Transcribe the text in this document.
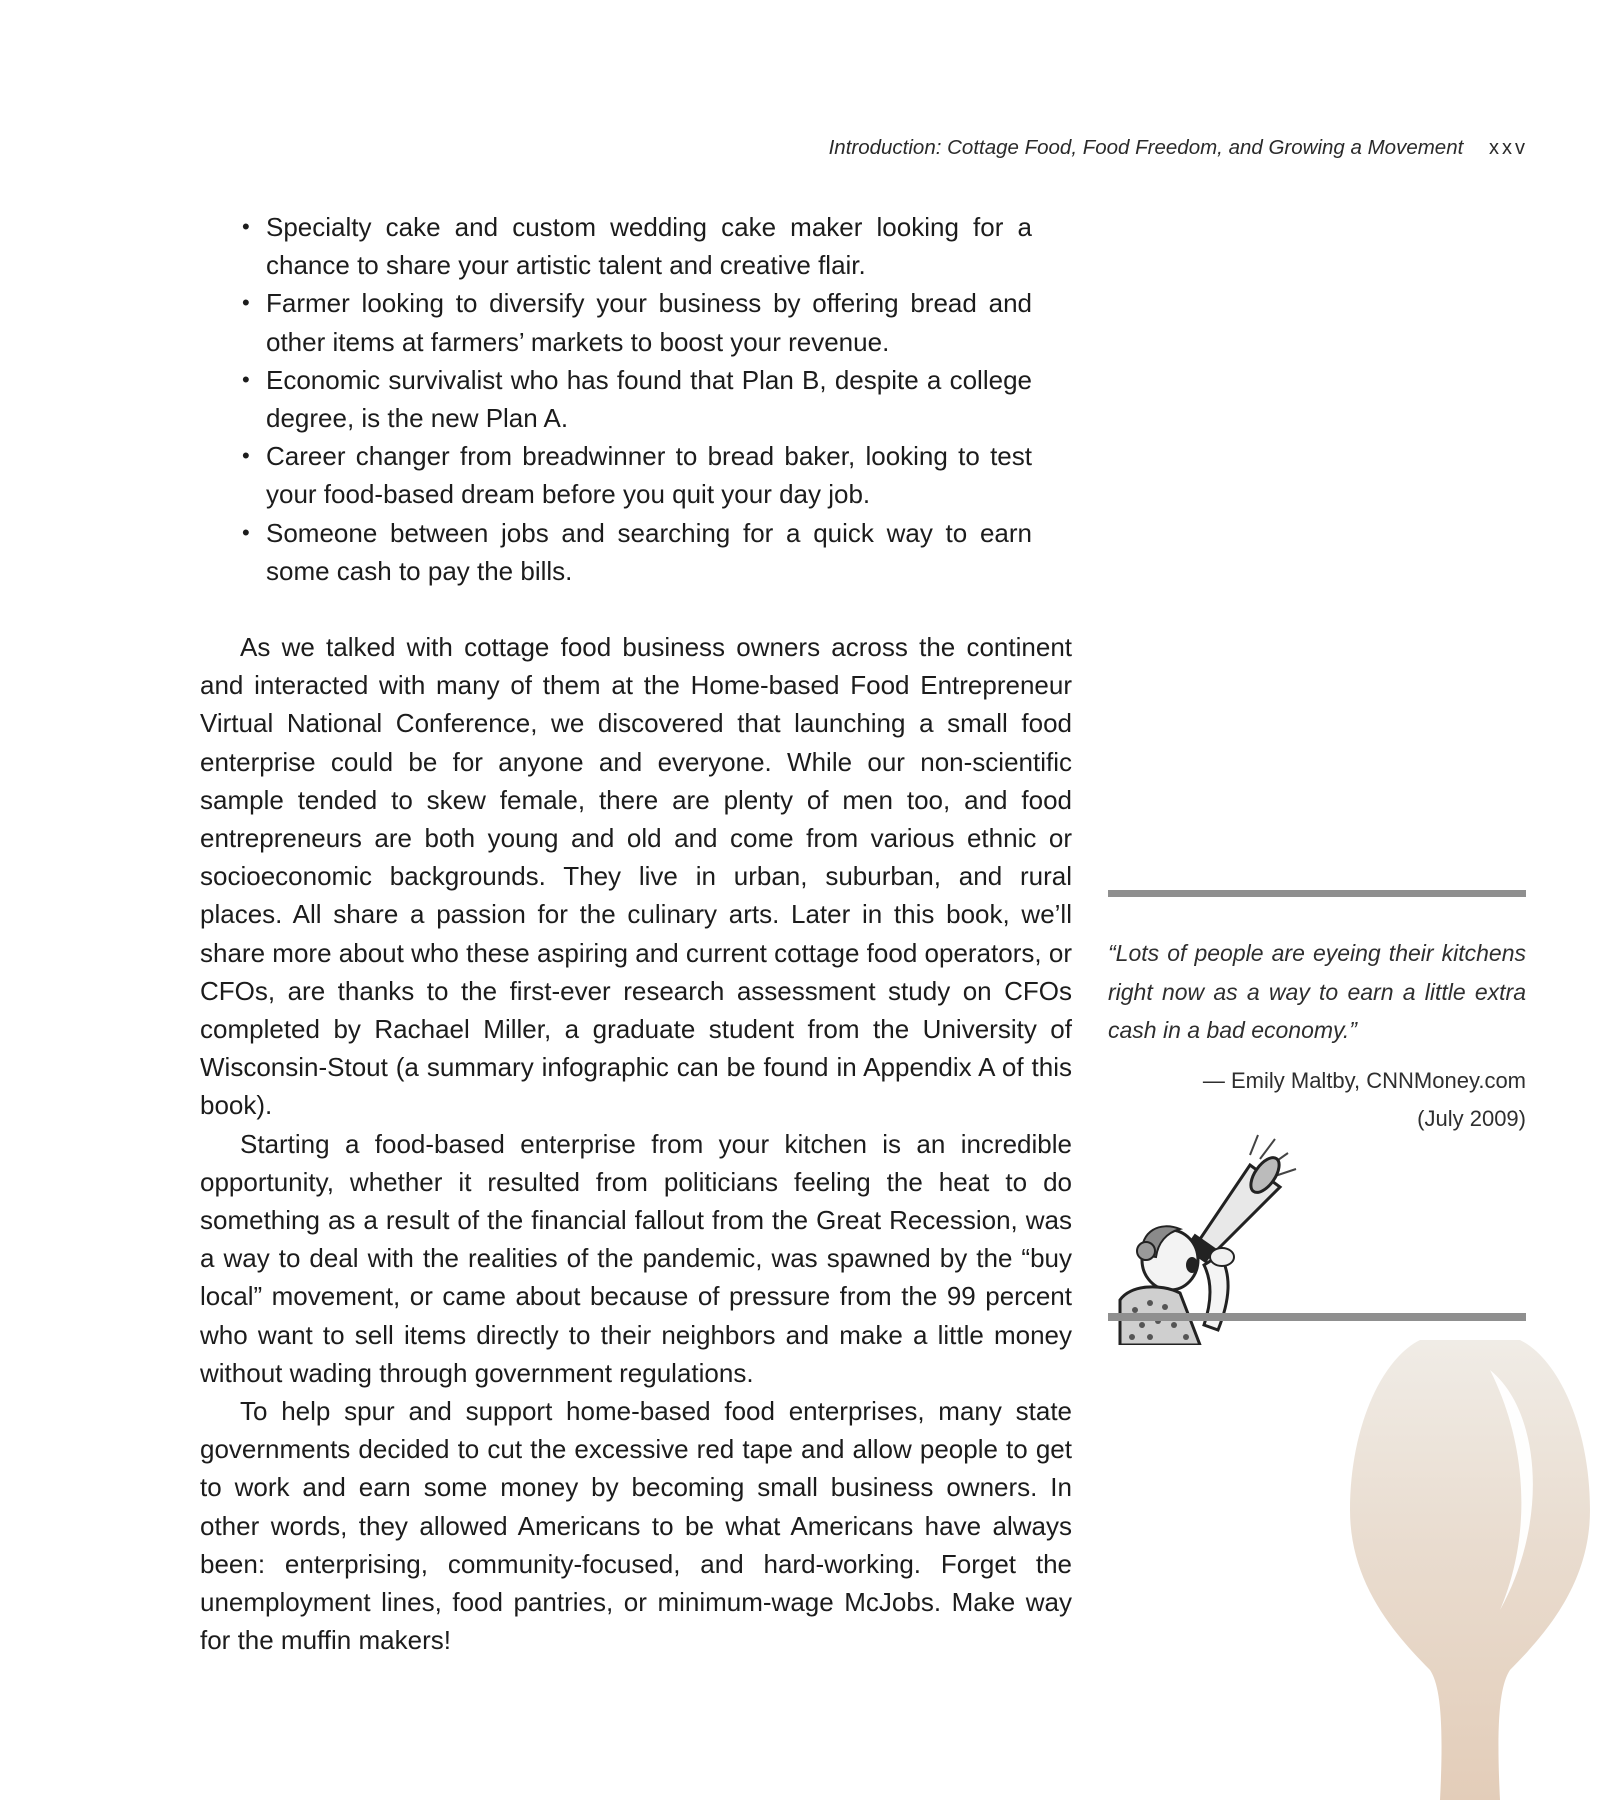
Introduction: Cottage Food, Food Freedom, and Growing a Movement xxv
• Specialty cake and custom wedding cake maker looking for a chance to share your artistic talent and creative flair.
• Farmer looking to diversify your business by offering bread and other items at farmers’ markets to boost your revenue.
• Economic survivalist who has found that Plan B, despite a college degree, is the new Plan A.
• Career changer from breadwinner to bread baker, looking to test your food-based dream before you quit your day job.
• Someone between jobs and searching for a quick way to earn some cash to pay the bills.

As we talked with cottage food business owners across the continent and interacted with many of them at the Home-based Food Entrepreneur Virtual National Conference, we discovered that launching a small food enterprise could be for anyone and everyone. While our non-scientific sample tended to skew female, there are plenty of men too, and food entrepreneurs are both young and old and come from various ethnic or socioeconomic backgrounds. They live in urban, suburban, and rural places. All share a passion for the culinary arts. Later in this book, we’ll share more about who these aspiring and current cottage food operators, or CFOs, are thanks to the first-ever research assessment study on CFOs completed by Rachael Miller, a graduate student from the University of Wisconsin-Stout (a summary infographic can be found in Appendix A of this book).

Starting a food-based enterprise from your kitchen is an incredible opportunity, whether it resulted from politicians feeling the heat to do something as a result of the financial fallout from the Great Recession, was a way to deal with the realities of the pandemic, was spawned by the “buy local” movement, or came about because of pressure from the 99 percent who want to sell items directly to their neighbors and make a little money without wading through government regulations.

To help spur and support home-based food enterprises, many state governments decided to cut the excessive red tape and allow people to get to work and earn some money by becoming small business owners. In other words, they allowed Americans to be what Americans have always been: enterprising, community-focused, and hard-working. Forget the unemployment lines, food pantries, or minimum-wage McJobs. Make way for the muffin makers!

“Lots of people are eyeing their kitchens right now as a way to earn a little extra cash in a bad economy.”

— Emily Maltby, CNNMoney.com
(July 2009)
